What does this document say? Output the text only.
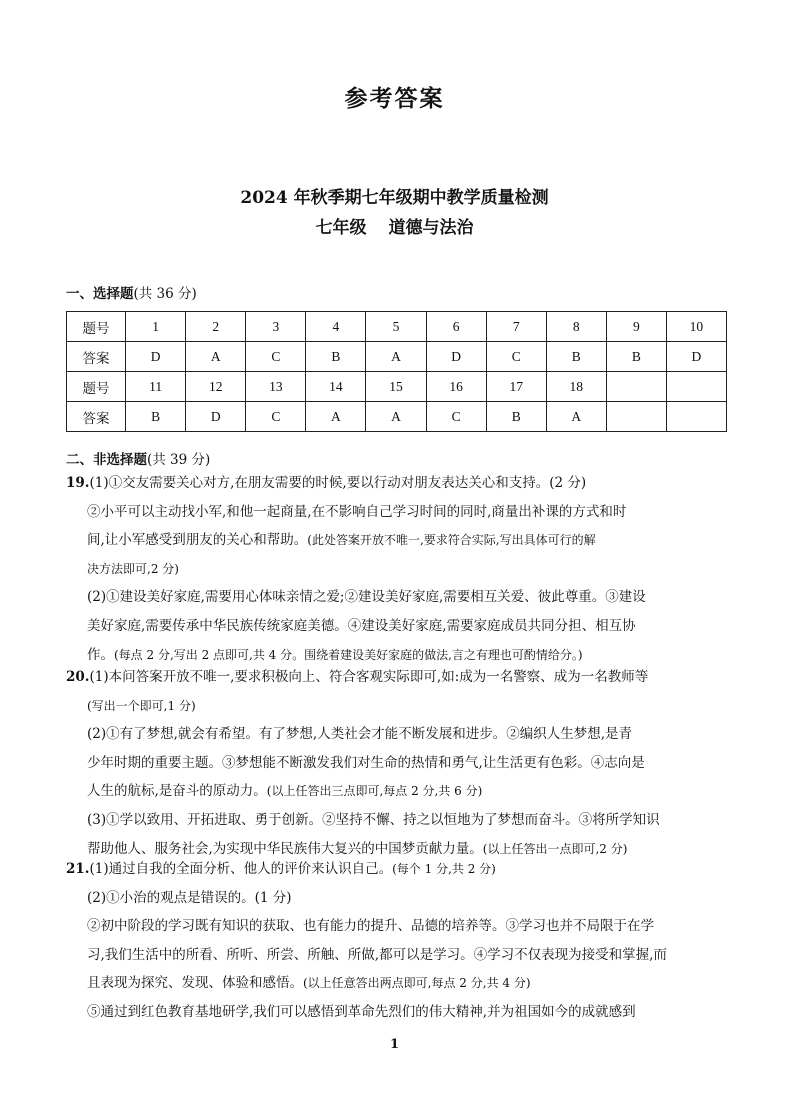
参考答案
2024 年秋季期七年级期中教学质量检测
七年级 道德与法治
一、选择题(共 36 分)
题号	1	2	3	4	5	6	7	8	9	10
答案	D	A	C	B	A	D	C	B	B	D
题号	11	12	13	14	15	16	17	18		
答案	B	D	C	A	A	C	B	A		
二、非选择题(共 39 分)
19.(1)①交友需要关心对方,在朋友需要的时候,要以行动对朋友表达关心和支持。(2 分)
②小平可以主动找小军,和他一起商量,在不影响自己学习时间的同时,商量出补课的方式和时
间,让小军感受到朋友的关心和帮助。(此处答案开放不唯一,要求符合实际,写出具体可行的解
决方法即可,2 分)
(2)①建设美好家庭,需要用心体味亲情之爱;②建设美好家庭,需要相互关爱、彼此尊重。③建设
美好家庭,需要传承中华民族传统家庭美德。④建设美好家庭,需要家庭成员共同分担、相互协
作。(每点 2 分,写出 2 点即可,共 4 分。围绕着建设美好家庭的做法,言之有理也可酌情给分。)
20.(1)本问答案开放不唯一,要求积极向上、符合客观实际即可,如:成为一名警察、成为一名教师等
(写出一个即可,1 分)
(2)①有了梦想,就会有希望。有了梦想,人类社会才能不断发展和进步。②编织人生梦想,是青
少年时期的重要主题。③梦想能不断激发我们对生命的热情和勇气,让生活更有色彩。④志向是
人生的航标,是奋斗的原动力。(以上任答出三点即可,每点 2 分,共 6 分)
(3)①学以致用、开拓进取、勇于创新。②坚持不懈、持之以恒地为了梦想而奋斗。③将所学知识
帮助他人、服务社会,为实现中华民族伟大复兴的中国梦贡献力量。(以上任答出一点即可,2 分)
21.(1)通过自我的全面分析、他人的评价来认识自己。(每个 1 分,共 2 分)
(2)①小治的观点是错误的。(1 分)
②初中阶段的学习既有知识的获取、也有能力的提升、品德的培养等。③学习也并不局限于在学
习,我们生活中的所看、所听、所尝、所触、所做,都可以是学习。④学习不仅表现为接受和掌握,而
且表现为探究、发现、体验和感悟。(以上任意答出两点即可,每点 2 分,共 4 分)
⑤通过到红色教育基地研学,我们可以感悟到革命先烈们的伟大精神,并为祖国如今的成就感到
1
